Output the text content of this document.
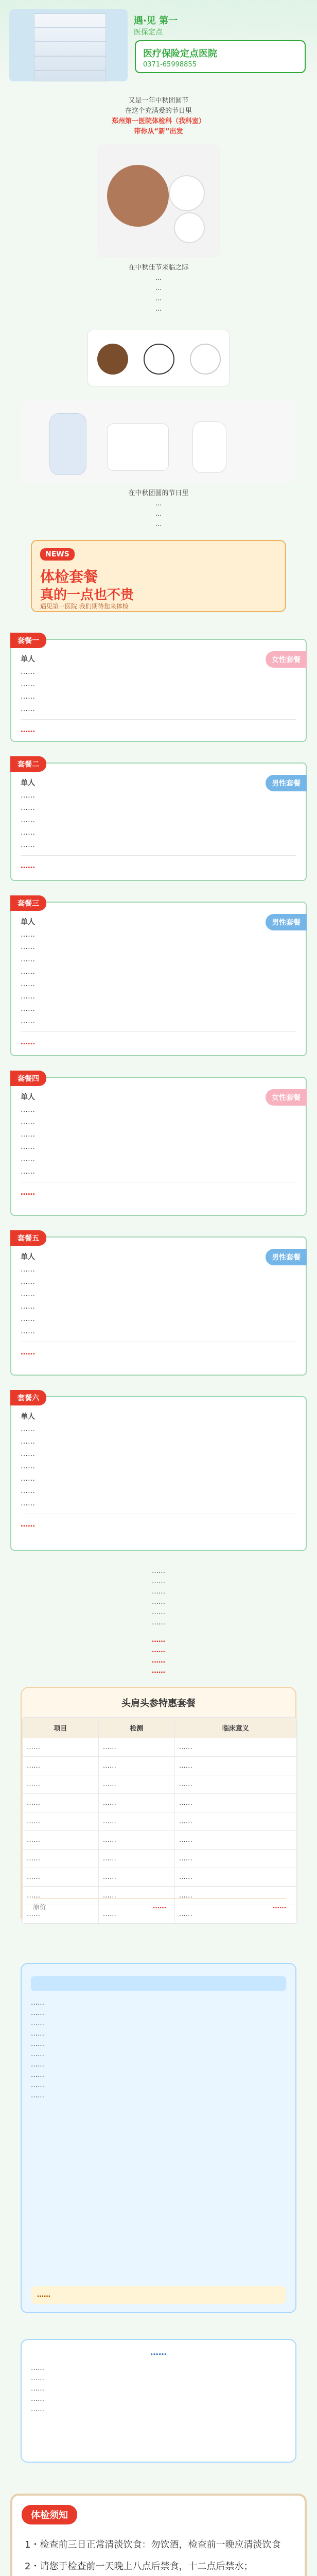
遇·见 第一
医保定点
医疗保险定点医院
0371-65998855
又是一年中秋团圆节
在这个充满爱的节日里
郑州第一医院体检科（我科室）
带你从“新”出发
在中秋佳节来临之际
...
...
...
...
在中秋团圆的节日里
…
…
…
NEWS
体检套餐
真的一点也不贵
遇见第一医院 我们期待您来体检
套餐一
女性套餐
单人
……
……
……
……
……
套餐二
男性套餐
单人
……
……
……
……
……
……
套餐三
男性套餐
单人
……
……
……
……
……
……
……
……
……
套餐四
女性套餐
单人
……
……
……
……
……
……
……
套餐五
男性套餐
单人
……
……
……
……
……
……
……
套餐六
单人
……
……
……
……
……
……
……
……
……
……
……
……
……
……
……
……
……
……
头肩头参特惠套餐
项目	检测	临床意义
……	……	……
……	……	……
……	……	……
……	……	……
……	……	……
……	……	……
……	……	……
……	……	……
……	……	……
……	……	……
原价	……	……
……
……
……
……
……
……
……
……
……
……
……
……
……
……
……
……
……
体检须知
1・检查前三日正常清淡饮食：勿饮酒，检查前一晚应清淡饮食
2・请您于检查前一天晚上八点后禁食，十二点后禁水；
